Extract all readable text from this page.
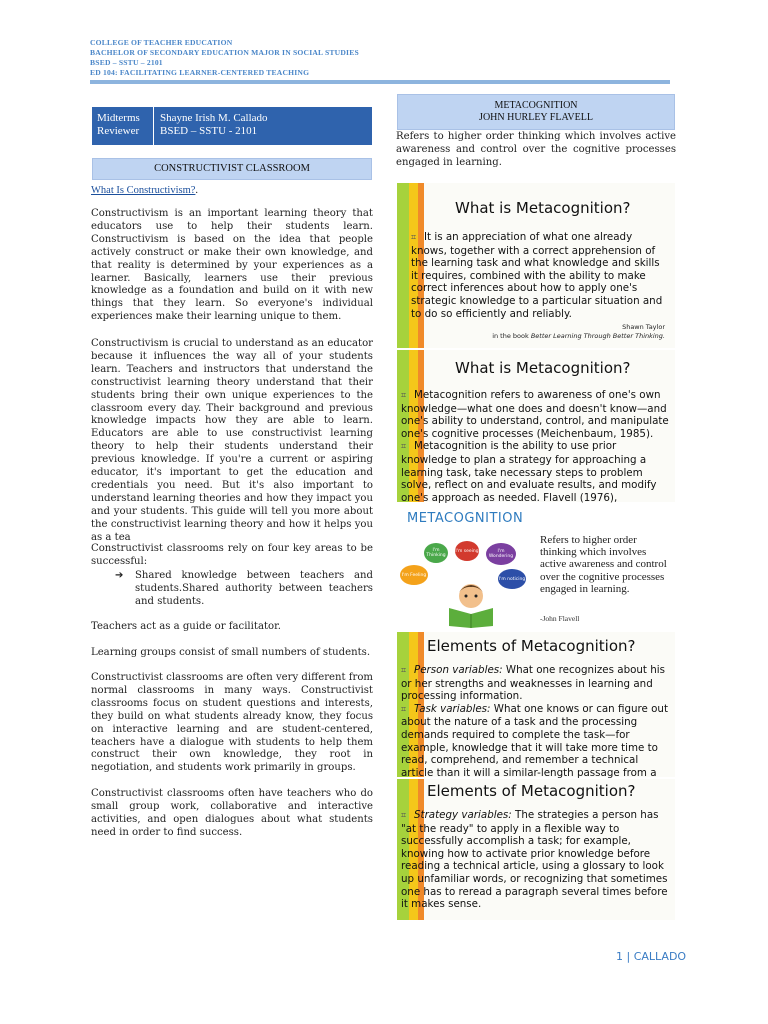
COLLEGE OF TEACHER EDUCATION
BACHELOR OF SECONDARY EDUCATION MAJOR IN SOCIAL STUDIES
BSED – SSTU – 2101
ED 104: FACILITATING LEARNER-CENTERED TEACHING
Midterms
Reviewer
Shayne Irish M. Callado
BSED – SSTU - 2101
CONSTRUCTIVIST CLASSROOM
What Is Constructivism?.
Constructivism is an important learning theory that educators use to help their students learn. Constructivism is based on the idea that people actively construct or make their own knowledge, and that reality is determined by your experiences as a learner. Basically, learners use their previous knowledge as a foundation and build on it with new things that they learn. So everyone's individual experiences make their learning unique to them.
Constructivism is crucial to understand as an educator because it influences the way all of your students learn. Teachers and instructors that understand the constructivist learning theory understand that their students bring their own unique experiences to the classroom every day. Their background and previous knowledge impacts how they are able to learn. Educators are able to use constructivist learning theory to help their students understand their previous knowledge. If you're a current or aspiring educator, it's important to get the education and credentials you need. But it's also important to understand learning theories and how they impact you and your students. This guide will tell you more about the constructivist learning theory and how it helps you as a tea
Constructivist classrooms rely on four key areas to be successful:
➔	Shared knowledge between teachers and students.Shared authority between teachers and students.
Teachers act as a guide or facilitator.
Learning groups consist of small numbers of students.
Constructivist classrooms are often very different from normal classrooms in many ways. Constructivist classrooms focus on student questions and interests, they build on what students already know, they focus on interactive learning and are student-centered, teachers have a dialogue with students to help them construct their own knowledge, they root in negotiation, and students work primarily in groups.
Constructivist classrooms often have teachers who do small group work, collaborative and interactive activities, and open dialogues about what students need in order to find success.
METACOGNITION
JOHN HURLEY FLAVELL
Refers to higher order thinking which involves active awareness and control over the cognitive processes engaged in learning.
What is Metacognition?
⌗ It is an appreciation of what one already knows, together with a correct apprehension of the learning task and what knowledge and skills it requires, combined with the ability to make correct inferences about how to apply one's strategic knowledge to a particular situation and to do so efficiently and reliably.
Shawn Taylor
in the book Better Learning Through Better Thinking.
What is Metacognition?
⌗ Metacognition refers to awareness of one's own knowledge—what one does and doesn't know—and one's ability to understand, control, and manipulate one's cognitive processes (Meichenbaum, 1985).
⌗ Metacognition is the ability to use prior knowledge to plan a strategy for approaching a learning task, take necessary steps to problem solve, reflect on and evaluate results, and modify one's approach as needed. Flavell (1976),
METACOGNITION
I'm Thinking
I'm seeing	I'm Wondering
I'm Feeling
I'm noticing
Refers to higher order thinking which involves active awareness and control over the cognitive processes engaged in learning.
-John Flavell
Elements of Metacognition?
⌗ Person variables: What one recognizes about his or her strengths and weaknesses in learning and processing information.
⌗ Task variables: What one knows or can figure out about the nature of a task and the processing demands required to complete the task—for example, knowledge that it will take more time to read, comprehend, and remember a technical article than it will a similar-length passage from a
Elements of Metacognition?
⌗ Strategy variables: The strategies a person has "at the ready" to apply in a flexible way to successfully accomplish a task; for example, knowing how to activate prior knowledge before reading a technical article, using a glossary to look up unfamiliar words, or recognizing that sometimes one has to reread a paragraph several times before it makes sense.
1 | CALLADO
